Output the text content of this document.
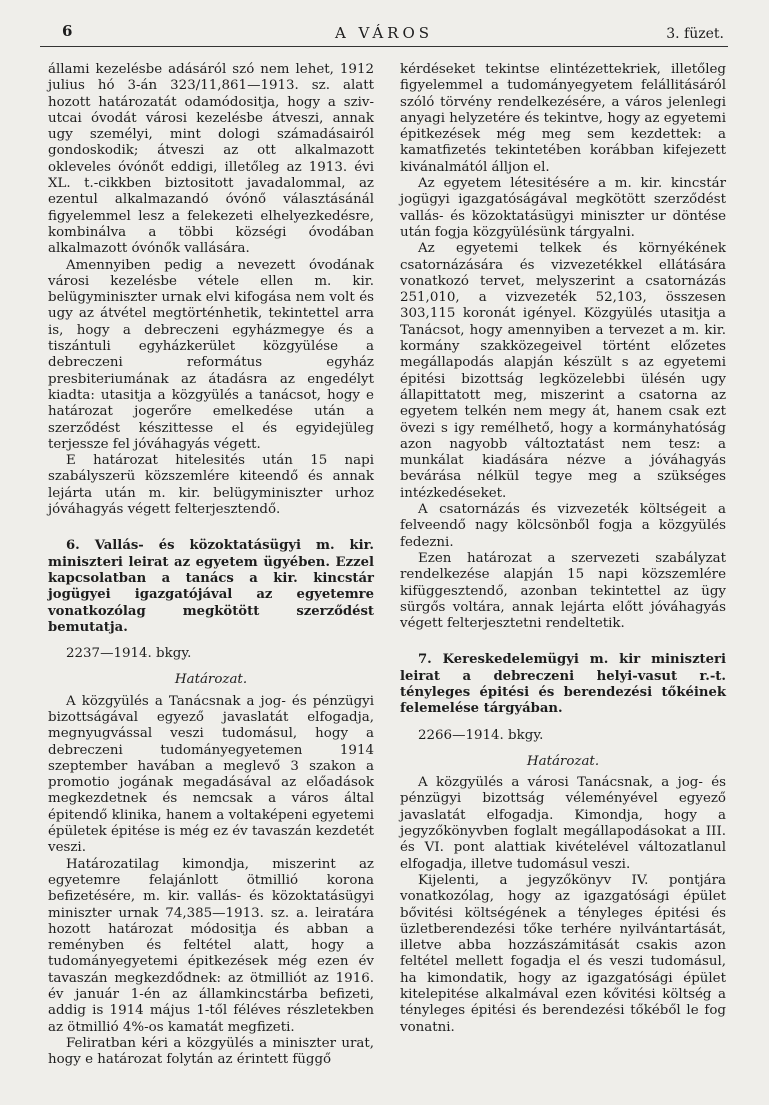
6	A VÁROS	3. füzet.

állami kezelésbe adásáról szó nem lehet, 1912 julius hó 3-án 323/11,861—1913. sz. alatt hozott határozatát odamódositja, hogy a sziv-utcai óvodát városi kezelésbe átveszi, annak ugy személyi, mint dologi számadásairól gondoskodik; átveszi az ott alkalmazott okleveles óvónőt eddigi, illetőleg az 1913. évi XL. t.-cikkben biztositott javadalommal, az ezentul alkalmazandó óvónő választásánál figyelemmel lesz a felekezeti elhelyezkedésre, kombinálva a többi községi óvodában alkalmazott óvónők vallására.

Amennyiben pedig a nevezett óvodának városi kezelésbe vétele ellen m. kir. belügyminiszter urnak elvi kifogása nem volt és ugy az átvétel megtörténhetik, tekintettel arra is, hogy a debreczeni egyházmegye és a tiszántuli egyházkerület közgyülése a debreczeni református egyház presbiteriumának az átadásra az engedélyt kiadta: utasitja a közgyülés a tanácsot, hogy e határozat jogerőre emelkedése után a szerződést készittesse el és egyidejüleg terjessze fel jóváhagyás végett.

E határozat hitelesités után 15 napi szabályszerü közszemlére kiteendő és annak lejárta után m. kir. belügyminiszter urhoz jóváhagyás végett felterjesztendő.

6. Vallás- és közoktatásügyi m. kir. miniszteri leirat az egyetem ügyében. Ezzel kapcsolatban a tanács a kir. kincstár jogügyei igazgatójával az egyetemre vonatkozólag megkötött szerződést bemutatja.

2237—1914. bkgy.

Határozat.

A közgyülés a Tanácsnak a jog- és pénzügyi bizottságával egyező javaslatát elfogadja, megnyugvással veszi tudomásul, hogy a debreczeni tudományegyetemen 1914 szeptember havában a meglevő 3 szakon a promotio jogának megadásával az előadások megkezdetnek és nemcsak a város által épitendő klinika, hanem a voltaképeni egyetemi épületek épitése is még ez év tavaszán kezdetét veszi.

Határozatilag kimondja, miszerint az egyetemre felajánlott ötmillió korona befizetésére, m. kir. vallás- és közoktatásügyi miniszter urnak 74,385—1913. sz. a. leiratára hozott határozat módositja és abban a reményben és feltétel alatt, hogy a tudományegyetemi épitkezések még ezen év tavaszán megkezdődnek: az ötmilliót az 1916. év január 1-én az államkincstárba befizeti, addig is 1914 május 1-től féléves részletekben az ötmillió 4%-os kamatát megfizeti.

Feliratban kéri a közgyülés a miniszter urat, hogy e határozat folytán az érintett függő

kérdéseket tekintse elintézettekriek, illetőleg figyelemmel a tudományegyetem felállitásáról szóló törvény rendelkezésére, a város jelenlegi anyagi helyzetére és tekintve, hogy az egyetemi épitkezések még meg sem kezdettek: a kamatfizetés tekintetében korábban kifejezett kivánalmától álljon el.

Az egyetem létesitésére a m. kir. kincstár jogügyi igazgatóságával megkötött szerződést vallás- és közoktatásügyi miniszter ur döntése után fogja közgyülésünk tárgyalni.

Az egyetemi telkek és környékének csatornázására és vizvezetékkel ellátására vonatkozó tervet, melyszerint a csatornázás 251,010, a vizvezeték 52,103, összesen 303,115 koronát igényel. Közgyülés utasitja a Tanácsot, hogy amennyiben a tervezet a m. kir. kormány szakközegeivel történt előzetes megállapodás alapján készült s az egyetemi épitési bizottság legközelebbi ülésén ugy állapittatott meg, miszerint a csatorna az egyetem telkén nem megy át, hanem csak ezt övezi s igy remélhető, hogy a kormányhatóság azon nagyobb változtatást nem tesz: a munkálat kiadására nézve a jóváhagyás bevárása nélkül tegye meg a szükséges intézkedéseket.

A csatornázás és vizvezeték költségeit a felveendő nagy kölcsönből fogja a közgyülés fedezni.

Ezen határozat a szervezeti szabályzat rendelkezése alapján 15 napi közszemlére kifüggesztendő, azonban tekintettel az ügy sürgős voltára, annak lejárta előtt jóváhagyás végett felterjesztetni rendeltetik.

7. Kereskedelemügyi m. kir miniszteri leirat a debreczeni helyi-vasut r.-t. tényleges épitési és berendezési tőkéinek felemelése tárgyában.

2266—1914. bkgy.

Határozat.

A közgyülés a városi Tanácsnak, a jog- és pénzügyi bizottság véleményével egyező javaslatát elfogadja. Kimondja, hogy a jegyzőkönyvben foglalt megállapodásokat a III. és VI. pont alattiak kivételével változatlanul elfogadja, illetve tudomásul veszi.

Kijelenti, a jegyzőkönyv IV. pontjára vonatkozólag, hogy az igazgatósági épület bővitési költségének a tényleges épitési és üzletberendezési tőke terhére nyilvántartását, illetve abba hozzászámitását csakis azon feltétel mellett fogadja el és veszi tudomásul, ha kimondatik, hogy az igazgatósági épület kitelepitése alkalmával ezen kővitési költség a tényleges épitési és berendezési tőkéből le fog vonatni.
